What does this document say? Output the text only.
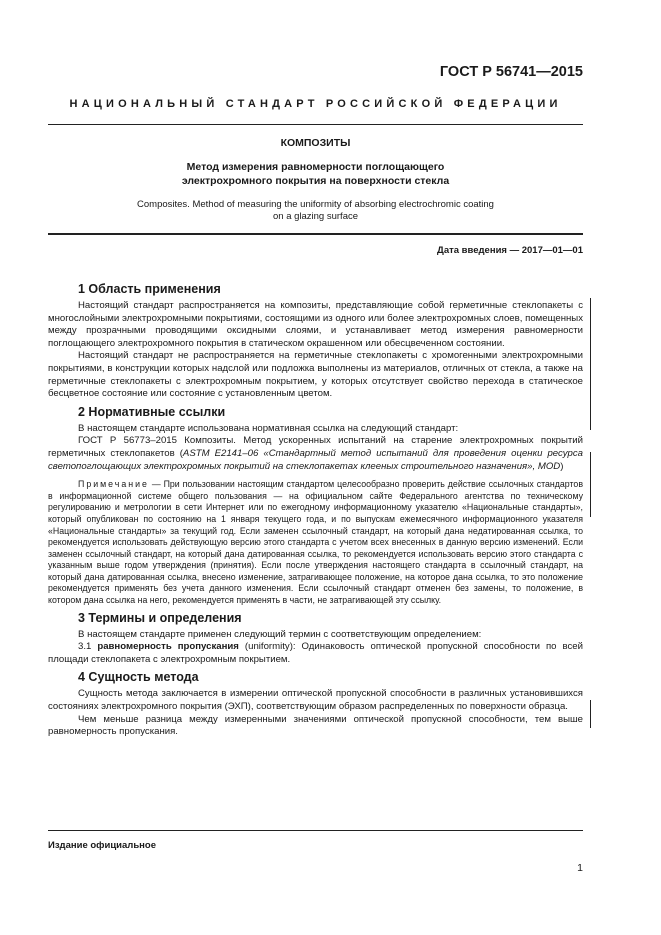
ГОСТ Р 56741—2015
НАЦИОНАЛЬНЫЙ СТАНДАРТ РОССИЙСКОЙ ФЕДЕРАЦИИ
КОМПОЗИТЫ
Метод измерения равномерности поглощающего
электрохромного покрытия на поверхности стекла
Composites. Method of measuring the uniformity of absorbing electrochromic coating
on a glazing surface
Дата введения — 2017—01—01
1 Область применения

Настоящий стандарт распространяется на композиты, представляющие собой герметичные стеклопакеты с многослойными электрохромными покрытиями, состоящими из одного или более электрохромных слоев, помещенных между прозрачными проводящими оксидными слоями, и устанавливает метод измерения равномерности поглощающего электрохромного покрытия в статическом окрашенном или обесцвеченном состоянии.

Настоящий стандарт не распространяется на герметичные стеклопакеты с хромогенными электрохромными покрытиями, в конструкции которых надслой или подложка выполнены из материалов, отличных от стекла, а также на герметичные стеклопакеты с электрохромным покрытием, у которых отсутствует свойство перехода в статическое бесцветное состояние или состояние с установленным цветом.

2 Нормативные ссылки

В настоящем стандарте использована нормативная ссылка на следующий стандарт:

ГОСТ Р 56773–2015 Композиты. Метод ускоренных испытаний на старение электрохромных покрытий герметичных стеклопакетов (ASTM E2141–06 «Стандартный метод испытаний для проведения оценки ресурса светопоглощающих электрохромных покрытий на стеклопакетах клееных строительного назначения», MOD)

Примечание — При пользовании настоящим стандартом целесообразно проверить действие ссылочных стандартов в информационной системе общего пользования — на официальном сайте Федерального агентства по техническому регулированию и метрологии в сети Интернет или по ежегодному информационному указателю «Национальные стандарты», который опубликован по состоянию на 1 января текущего года, и по выпускам ежемесячного информационного указателя «Национальные стандарты» за текущий год. Если заменен ссылочный стандарт, на который дана недатированная ссылка, то рекомендуется использовать действующую версию этого стандарта с учетом всех внесенных в данную версию изменений. Если заменен ссылочный стандарт, на который дана датированная ссылка, то рекомендуется использовать версию этого стандарта с указанным выше годом утверждения (принятия). Если после утверждения настоящего стандарта в ссылочный стандарт, на который дана датированная ссылка, внесено изменение, затрагивающее положение, на которое дана ссылка, то это положение рекомендуется применять без учета данного изменения. Если ссылочный стандарт отменен без замены, то положение, в котором дана ссылка на него, рекомендуется применять в части, не затрагивающей эту ссылку.

3 Термины и определения

В настоящем стандарте применен следующий термин с соответствующим определением:

3.1 равномерность пропускания (uniformity): Одинаковость оптической пропускной способности по всей площади стеклопакета с электрохромным покрытием.

4 Сущность метода

Сущность метода заключается в измерении оптической пропускной способности в различных установившихся состояниях электрохромного покрытия (ЭХП), соответствующим образом распределенных по поверхности образца.

Чем меньше разница между измеренными значениями оптической пропускной способности, тем выше равномерность пропускания.

Издание официальное
1
